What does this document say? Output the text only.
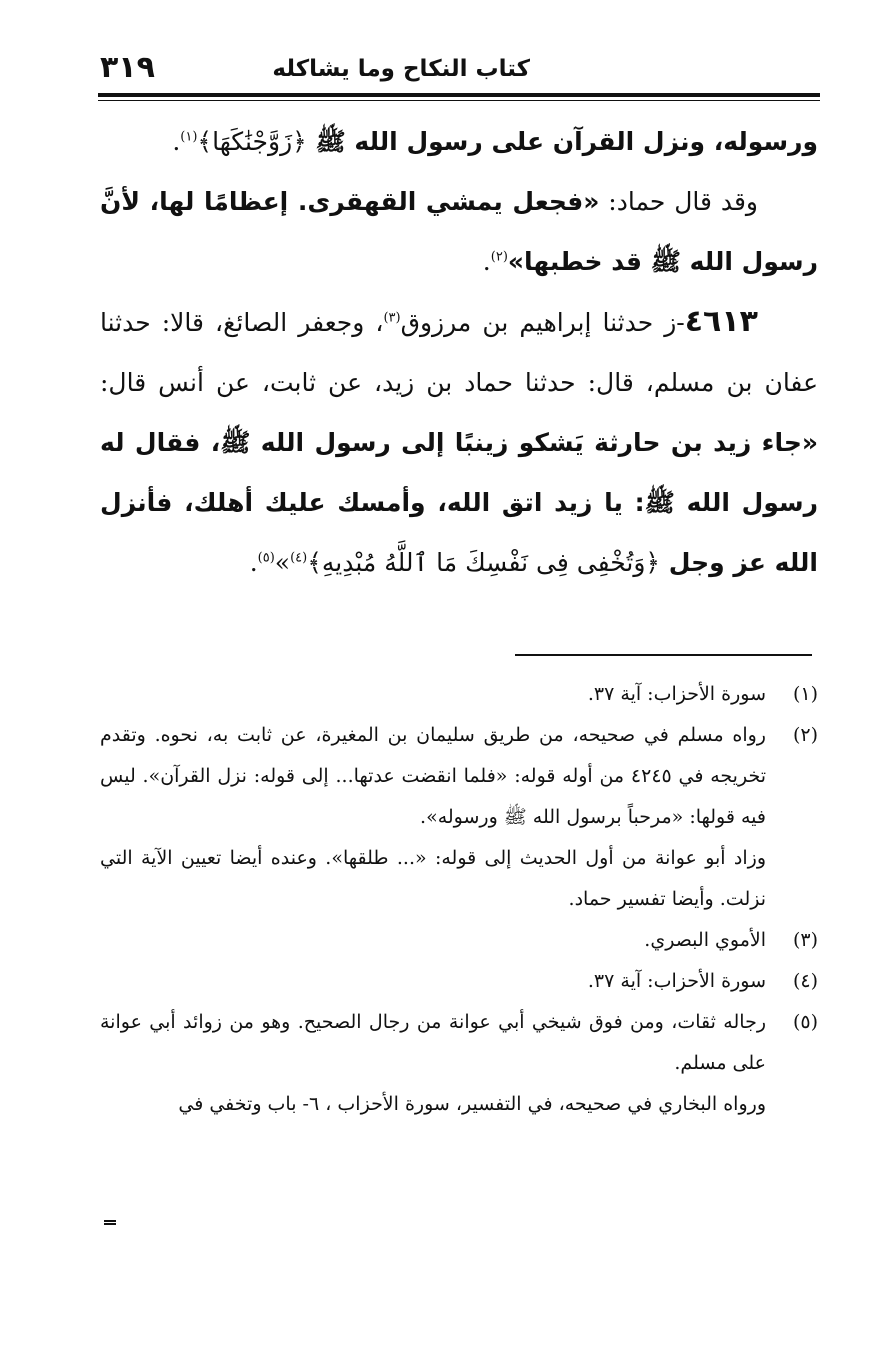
كتاب النكاح وما يشاكله
٣١٩

ورسوله، ونزل القرآن على رسول الله ﷺ ﴿زَوَّجْنَٰكَهَا﴾$^{(١)}$.

وقد قال حماد: «فجعل يمشي القهقرى. إعظامًا لها، لأنَّ رسول الله ﷺ قد خطبها»$^{(٢)}$.

٤٦١٣-ز حدثنا إبراهيم بن مرزوق$^{(٣)}$، وجعفر الصائغ، قالا: حدثنا عفان بن مسلم، قال: حدثنا حماد بن زيد، عن ثابت، عن أنس قال: «جاء زيد بن حارثة يَشكو زينبًا إلى رسول الله ﷺ، فقال له رسول الله ﷺ: يا زيد اتق الله، وأمسك عليك أهلك، فأنزل الله عز وجل ﴿وَتُخْفِى فِى نَفْسِكَ مَا ٱللَّهُ مُبْدِيهِ﴾$^{(٤)}$»$^{(٥)}$.

(١)سورة الأحزاب: آية ٣٧.

(٢)رواه مسلم في صحيحه، من طريق سليمان بن المغيرة، عن ثابت به، نحوه. وتقدم تخريجه في ٤٢٤٥ من أوله قوله: «فلما انقضت عدتها... إلى قوله: نزل القرآن». ليس فيه قولها: «مرحباً برسول الله ﷺ ورسوله».

وزاد أبو عوانة من أول الحديث إلى قوله: «... طلقها». وعنده أيضا تعيين الآية التي نزلت. وأيضا تفسير حماد.

(٣)الأموي البصري.

(٤)سورة الأحزاب: آية ٣٧.

(٥)رجاله ثقات، ومن فوق شيخي أبي عوانة من رجال الصحيح. وهو من زوائد أبي عوانة على مسلم.

ورواه البخاري في صحيحه، في التفسير، سورة الأحزاب ، ٦- باب وتخفي في
